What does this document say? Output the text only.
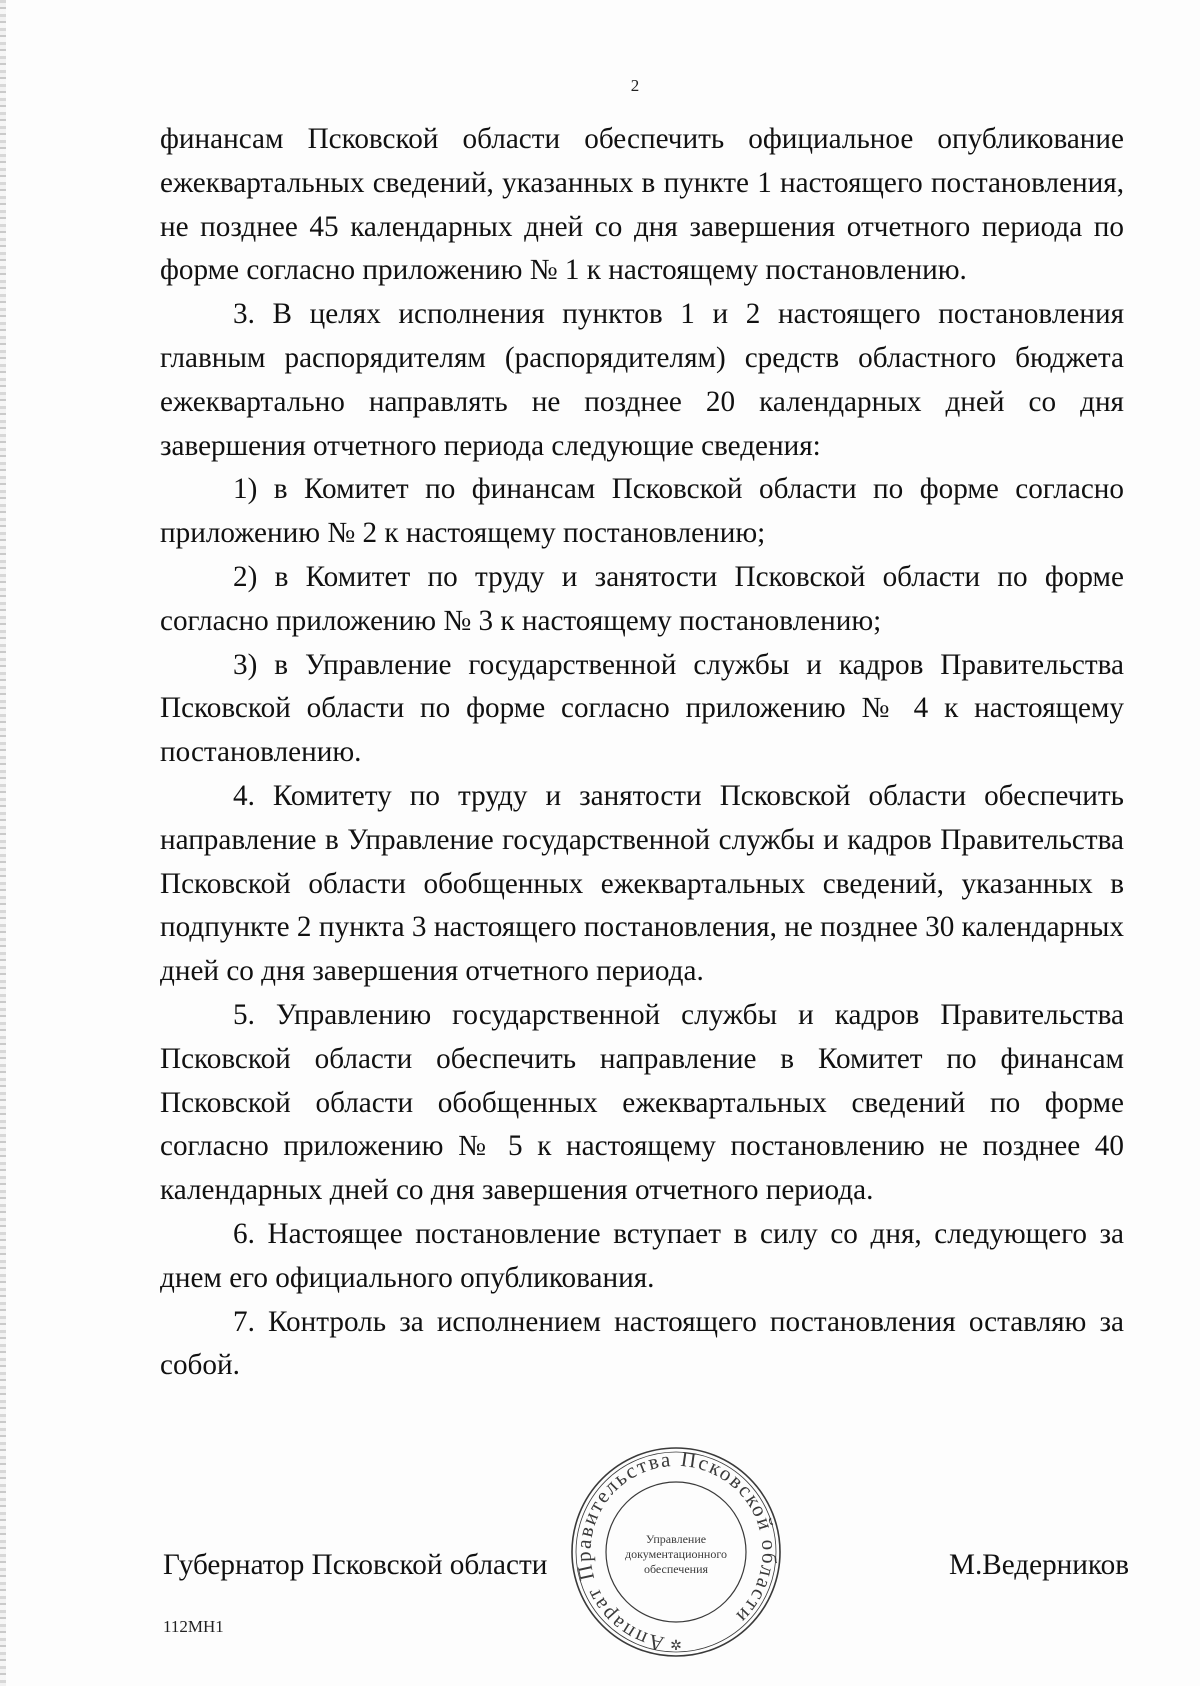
2

финансам Псковской области обеспечить официальное опубликование ежеквартальных сведений, указанных в пункте 1 настоящего постановления, не позднее 45 календарных дней со дня завершения отчетного периода по форме согласно приложению № 1 к настоящему постановлению.

3. В целях исполнения пунктов 1 и 2 настоящего постановления главным распорядителям (распорядителям) средств областного бюджета ежеквартально направлять не позднее 20 календарных дней со дня завершения отчетного периода следующие сведения:

1) в Комитет по финансам Псковской области по форме согласно приложению № 2 к настоящему постановлению;

2) в Комитет по труду и занятости Псковской области по форме согласно приложению № 3 к настоящему постановлению;

3) в Управление государственной службы и кадров Правительства Псковской области по форме согласно приложению № 4 к настоящему постановлению.

4. Комитету по труду и занятости Псковской области обеспечить направление в Управление государственной службы и кадров Правительства Псковской области обобщенных ежеквартальных сведений, указанных в подпункте 2 пункта 3 настоящего постановления, не позднее 30 календарных дней со дня завершения отчетного периода.

5. Управлению государственной службы и кадров Правительства Псковской области обеспечить направление в Комитет по финансам Псковской области обобщенных ежеквартальных сведений по форме согласно приложению № 5 к настоящему постановлению не позднее 40 календарных дней со дня завершения отчетного периода.

6. Настоящее постановление вступает в силу со дня, следующего за днем его официального опубликования.

7. Контроль за исполнением настоящего постановления оставляю за собой.

Аппарат Правительства Псковской области
Управление
документационного
обеспечения
✲
Губернатор Псковской области	М.Ведерников
112МН1
